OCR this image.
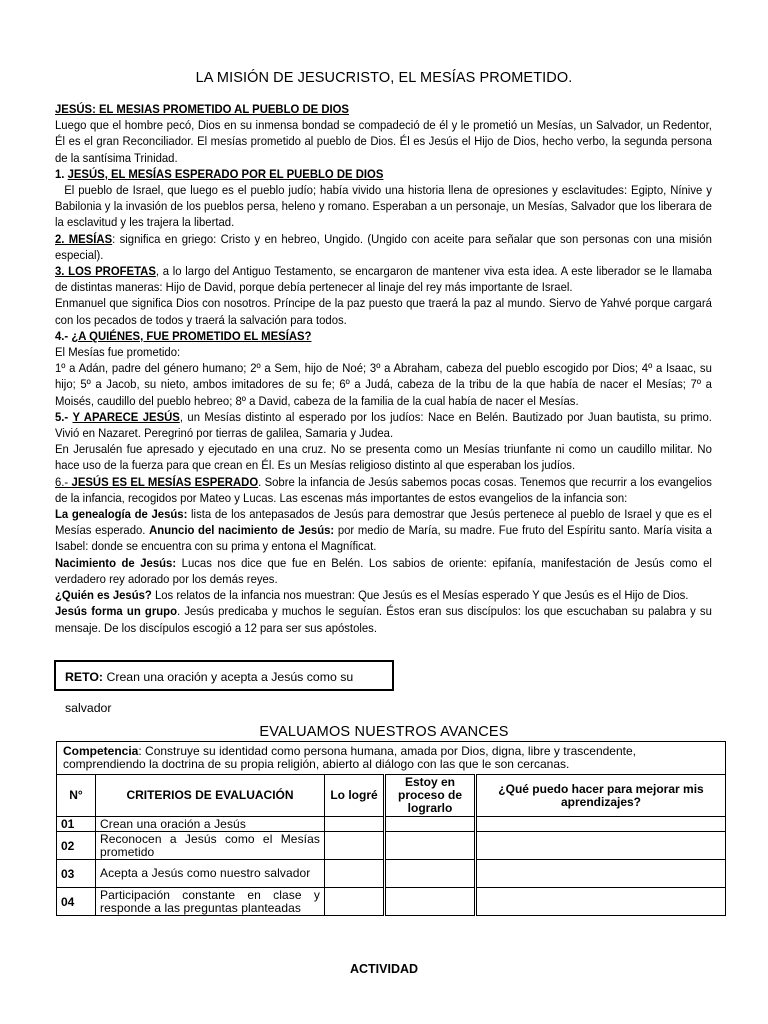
LA MISIÓN DE JESUCRISTO, EL MESÍAS PROMETIDO.

JESÚS: EL MESIAS PROMETIDO AL PUEBLO DE DIOS
Luego que el hombre pecó, Dios en su inmensa bondad se compadeció de él y le prometió un Mesías, un Salvador, un Redentor, Él es el gran Reconciliador. El mesías prometido al pueblo de Dios. Él es Jesús el Hijo de Dios, hecho verbo, la segunda persona de la santísima Trinidad.

1. JESÚS, EL MESÍAS ESPERADO POR EL PUEBLO DE DIOS
El pueblo de Israel, que luego es el pueblo judío; había vivido una historia llena de opresiones y esclavitudes: Egipto, Nínive y Babilonia y la invasión de los pueblos persa, heleno y romano. Esperaban a un personaje, un Mesías, Salvador que los liberara de la esclavitud y les trajera la libertad.

2. MESÍAS: significa en griego: Cristo y en hebreo, Ungido. (Ungido con aceite para señalar que son personas con una misión especial).

3. LOS PROFETAS, a lo largo del Antiguo Testamento, se encargaron de mantener viva esta idea. A este liberador se le llamaba de distintas maneras: Hijo de David, porque debía pertenecer al linaje del rey más importante de Israel.
Enmanuel que significa Dios con nosotros. Príncipe de la paz puesto que traerá la paz al mundo. Siervo de Yahvé porque cargará con los pecados de todos y traerá la salvación para todos.

4.- ¿A QUIÉNES, FUE PROMETIDO EL MESÍAS?
El Mesías fue prometido:
1º a Adán, padre del género humano; 2º a Sem, hijo de Noé; 3º a Abraham, cabeza del pueblo escogido por Dios; 4º a Isaac, su hijo; 5º a Jacob, su nieto, ambos imitadores de su fe; 6º a Judá, cabeza de la tribu de la que había de nacer el Mesías; 7º a Moisés, caudillo del pueblo hebreo; 8º a David, cabeza de la familia de la cual había de nacer el Mesías.

5.- Y APARECE JESÚS, un Mesías distinto al esperado por los judíos: Nace en Belén. Bautizado por Juan bautista, su primo. Vivió en Nazaret. Peregrinó por tierras de galilea, Samaria y Judea.
En Jerusalén fue apresado y ejecutado en una cruz. No se presenta como un Mesías triunfante ni como un caudillo militar. No hace uso de la fuerza para que crean en Él. Es un Mesías religioso distinto al que esperaban los judíos.

6.- JESÚS ES EL MESÍAS ESPERADO. Sobre la infancia de Jesús sabemos pocas cosas. Tenemos que recurrir a los evangelios de la infancia, recogidos por Mateo y Lucas. Las escenas más importantes de estos evangelios de la infancia son:
La genealogía de Jesús: lista de los antepasados de Jesús para demostrar que Jesús pertenece al pueblo de Israel y que es el Mesías esperado. Anuncio del nacimiento de Jesús: por medio de María, su madre. Fue fruto del Espíritu santo. María visita a Isabel: donde se encuentra con su prima y entona el Magníficat.
Nacimiento de Jesús: Lucas nos dice que fue en Belén. Los sabios de oriente: epifanía, manifestación de Jesús como el verdadero rey adorado por los demás reyes.
¿Quién es Jesús? Los relatos de la infancia nos muestran: Que Jesús es el Mesías esperado Y que Jesús es el Hijo de Dios.
Jesús forma un grupo. Jesús predicaba y muchos le seguían. Éstos eran sus discípulos: los que escuchaban su palabra y su mensaje. De los discípulos escogió a 12 para ser sus apóstoles.

RETO: Crean una oración y acepta a Jesús como su salvador
EVALUAMOS NUESTROS AVANCES
Competencia: Construye su identidad como persona humana, amada por Dios, digna, libre y trascendente, comprendiendo la doctrina de su propia religión, abierto al diálogo con las que le son cercanas.				
N°	CRITERIOS DE EVALUACIÓN	Lo logré	Estoy en proceso de lograrlo	¿Qué puedo hacer para mejorar mis aprendizajes?
01	Crean una oración a Jesús			
02	Reconocen a Jesús como el Mesías prometido			
03	Acepta a Jesús como nuestro salvador			
04	Participación constante en clase y responde a las preguntas planteadas			
ACTIVIDAD
